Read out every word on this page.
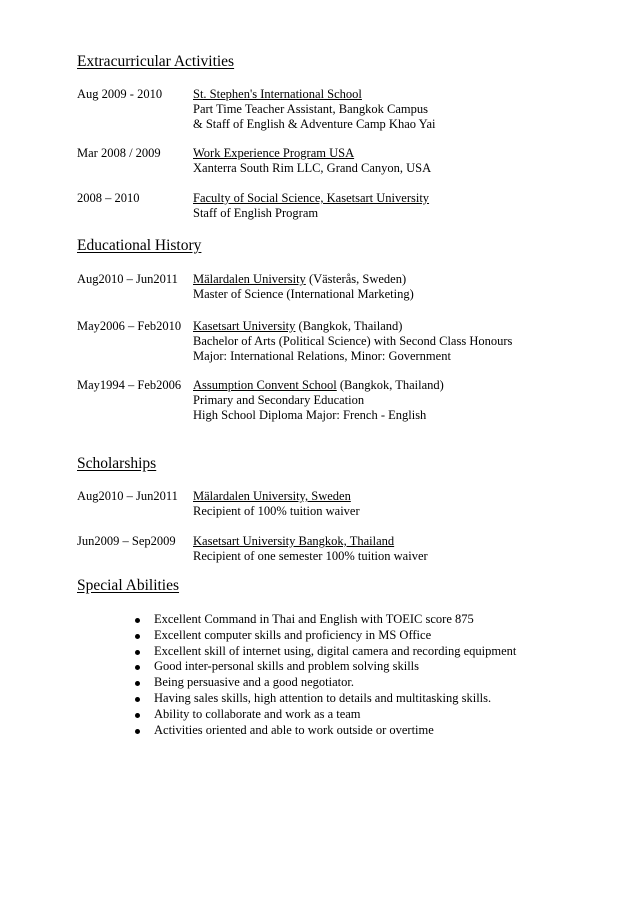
Extracurricular Activities
Aug 2009 - 2010 St. Stephen's International School
Part Time Teacher Assistant, Bangkok Campus
& Staff of English & Adventure Camp Khao Yai
Mar 2008 / 2009	Work Experience Program USA
Xanterra South Rim LLC, Grand Canyon, USA
2008 – 2010	Faculty of Social Science, Kasetsart University
Staff of English Program
Educational History
Aug2010 – Jun2011 Mälardalen University (Västerås, Sweden)
Master of Science (International Marketing)
May2006 – Feb2010 Kasetsart University (Bangkok, Thailand)
Bachelor of Arts (Political Science) with Second Class Honours
Major: International Relations, Minor: Government
May1994 – Feb2006 Assumption Convent School (Bangkok, Thailand)
Primary and Secondary Education
High School Diploma Major: French - English
Scholarships
Aug2010 – Jun2011 Mälardalen University, Sweden
Recipient of 100% tuition waiver
Jun2009 – Sep2009 Kasetsart University Bangkok, Thailand
Recipient of one semester 100% tuition waiver
Special Abilities
Excellent Command in Thai and English with TOEIC score 875
Excellent computer skills and proficiency in MS Office
Excellent skill of internet using, digital camera and recording equipment
Good inter-personal skills and problem solving skills
Being persuasive and a good negotiator.
Having sales skills, high attention to details and multitasking skills.
Ability to collaborate and work as a team
Activities oriented and able to work outside or overtime
